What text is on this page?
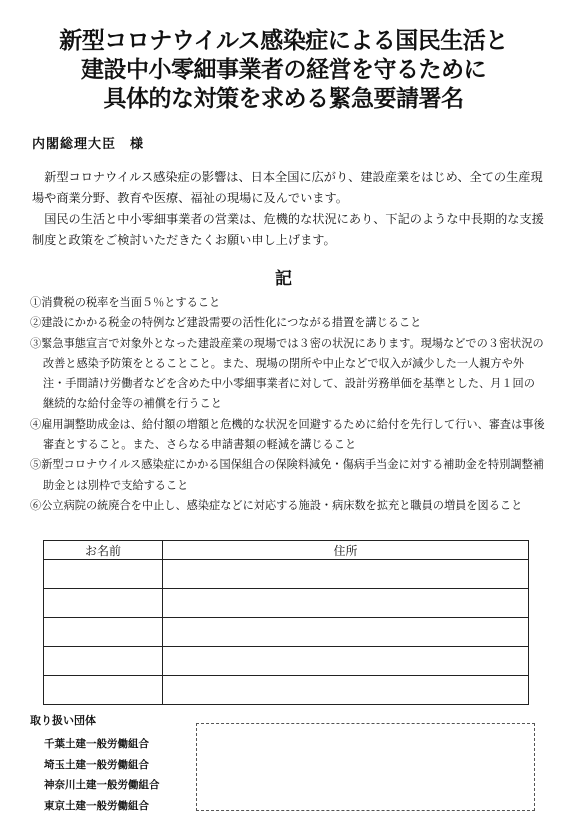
新型コロナウイルス感染症による国民生活と
建設中小零細事業者の経営を守るために
具体的な対策を求める緊急要請署名
内閣総理大臣　様

新型コロナウイルス感染症の影響は、日本全国に広がり、建設産業をはじめ、全ての生産現場や商業分野、教育や医療、福祉の現場に及んでいます。

国民の生活と中小零細事業者の営業は、危機的な状況にあり、下記のような中長期的な支援制度と政策をご検討いただきたくお願い申し上げます。

記
①消費税の税率を当面５％とすること
②建設にかかる税金の特例など建設需要の活性化につながる措置を講じること
③緊急事態宣言で対象外となった建設産業の現場では３密の状況にあります。現場などでの３密状況の改善と感染予防策をとることこと。また、現場の閉所や中止などで収入が減少した一人親方や外注・手間請け労働者などを含めた中小零細事業者に対して、設計労務単価を基準とした、月１回の継続的な給付金等の補償を行うこと
④雇用調整助成金は、給付額の増額と危機的な状況を回避するために給付を先行して行い、審査は事後審査とすること。また、さらなる申請書類の軽減を講じること
⑤新型コロナウイルス感染症にかかる国保組合の保険料減免・傷病手当金に対する補助金を特別調整補助金とは別枠で支給すること
⑥公立病院の統廃合を中止し、感染症などに対応する施設・病床数を拡充と職員の増員を図ること
お名前	住所

取り扱い団体
千葉土建一般労働組合
埼玉土建一般労働組合
神奈川土建一般労働組合
東京土建一般労働組合
